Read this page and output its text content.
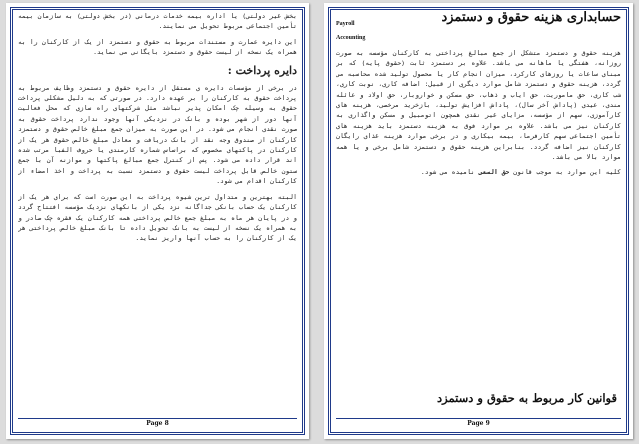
بخش غیر دولتی) یا اداره بیمه خدمات درمانی (در بخش دولتی) به سازمان بیمه تأمین اجتماعی مربوط تحویل می نمایند.

این دایره عمارت و مستندات مربوط به حقوق و دستمزد از یک از کارکنان را به همراه یک نسخه از لیست حقوق و دستمزد بایگانی می نماید.

دایره پرداخت :

در برخی از مؤسسات دایره ی مستقل از دایره حقوق و دستمزد وظایف مربوط به پرداخت حقوق به کارکنان را بر عهده دارد. در صورتی که به دلیل مشکلی پرداخت حقوق به وسیله چک امکان پذیر نباشد مثل شرکتهای راه سازی که محل فعالیت آنها دور از شهر بوده و بانک در نزدیکی آنها وجود ندارد پرداخت حقوق به صورت نقدی انجام می شود. در این صورت به میزان جمع مبلغ خالص حقوق و دستمزد کارکنان از صندوق وجه نقد از بانک دریافت و معادل مبلغ خالص حقوق هر یک از کارکنان در پاکتهای مخصوص که براساس شماره کارمندی یا حروف الفبا مرتب شده اند قرار داده می شود. پس از کنترل جمع مبالغ پاکتها و موازنه آن با جمع ستون خالص قابل پرداخت لیست حقوق و دستمزد نسبت به پرداخت و اخذ امضاء از کارکنان اقدام می شود.

البته بهترین و متداول ترین شیوه پرداخت به این صورت است که برای هر یک از کارکنان یک حساب بانکی جداگانه نزد یکی از بانکهای نزدیک مؤسسه افتتاح گردد و در پایان هر ماه به مبلغ جمع خالص پرداختی همه کارکنان یک فقره چک صادر و به همراه یک نسخه از لیست به بانک تحویل داده تا بانک مبلغ خالص پرداختی هر یک از کارکنان را به حساب آنها واریز نماید.

Page 8
حسابداری هزینه حقوق و دستمزد
Payroll
Accounting

هزینه حقوق و دستمزد متشکل از جمع مبالغ پرداختی به کارکنان مؤسسه به صورت روزانه، هفتگی یا ماهانه می باشد. علاوه بر دستمزد ثابت (حقوق پایه) که بر مبنای ساعات یا روزهای کارکرد، میزان انجام کار یا محصول تولید شده محاسبه می گردد، هزینه حقوق و دستمزد شامل موارد دیگری از قبیل: اضافه کاری، نوبت کاری، شب کاری، حق ماموریت، حق ایاب و ذهاب، حق مسکن و خواروبار، حق اولاد و عائله مندی، عیدی (پاداش آخر سال)، پاداش افزایش تولید، بازخرید مرخصی، هزینه های کارآموزی، سهم از مؤسسه، مزایای غیر نقدی همچون اتومبیل و مسکن واگذاری به کارکنان نیز می باشد. علاوه بر موارد فوق به هزینه دستمزد باید هزینه های تأمین اجتماعی سهم کارفرما، بیمه بیکاری و در برخی موارد هزینه غذای رایگان کارکنان نیز اضافه گردد. بنابراین هزینه حقوق و دستمزد شامل برخی و یا همه موارد بالا می باشد.

کلیه این موارد به موجب قانون حق السعی نامیده می شود.

قوانین کار مربوط به حقوق و دستمزد
Page 9
